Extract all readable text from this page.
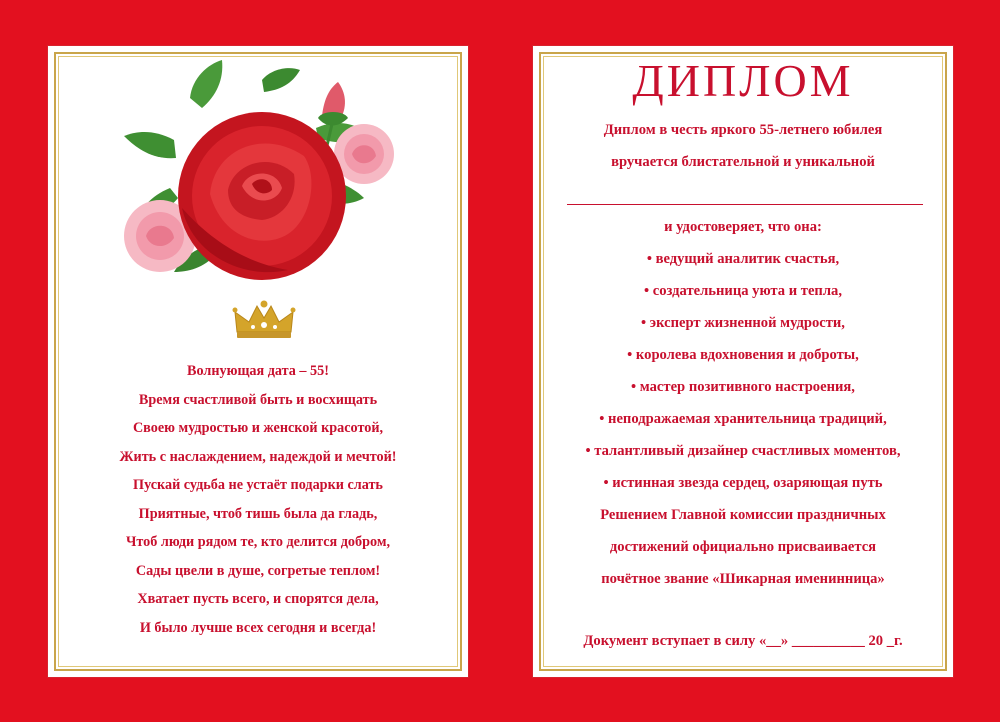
Волнующая дата – 55!
Время счастливой быть и восхищать
Своею мудростью и женской красотой,
Жить с наслаждением, надеждой и мечтой!
Пускай судьба не устаёт подарки слать
Приятные, чтоб тишь была да гладь,
Чтоб люди рядом те, кто делится добром,
Сады цвели в душе, согретые теплом!
Хватает пусть всего, и спорятся дела,
И было лучше всех сегодня и всегда!
ДИПЛОМ
Диплом в честь яркого 55-летнего юбилея
вручается блистательной и уникальной
и удостоверяет, что она:
• ведущий аналитик счастья,
• создательница уюта и тепла,
• эксперт жизненной мудрости,
• королева вдохновения и доброты,
• мастер позитивного настроения,
• неподражаемая хранительница традиций,
• талантливый дизайнер счастливых моментов,
• истинная звезда сердец, озаряющая путь
Решением Главной комиссии праздничных
достижений официально присваивается
почётное звание «Шикарная именинница»
Документ вступает в силу «__» __________ 20 _г.
